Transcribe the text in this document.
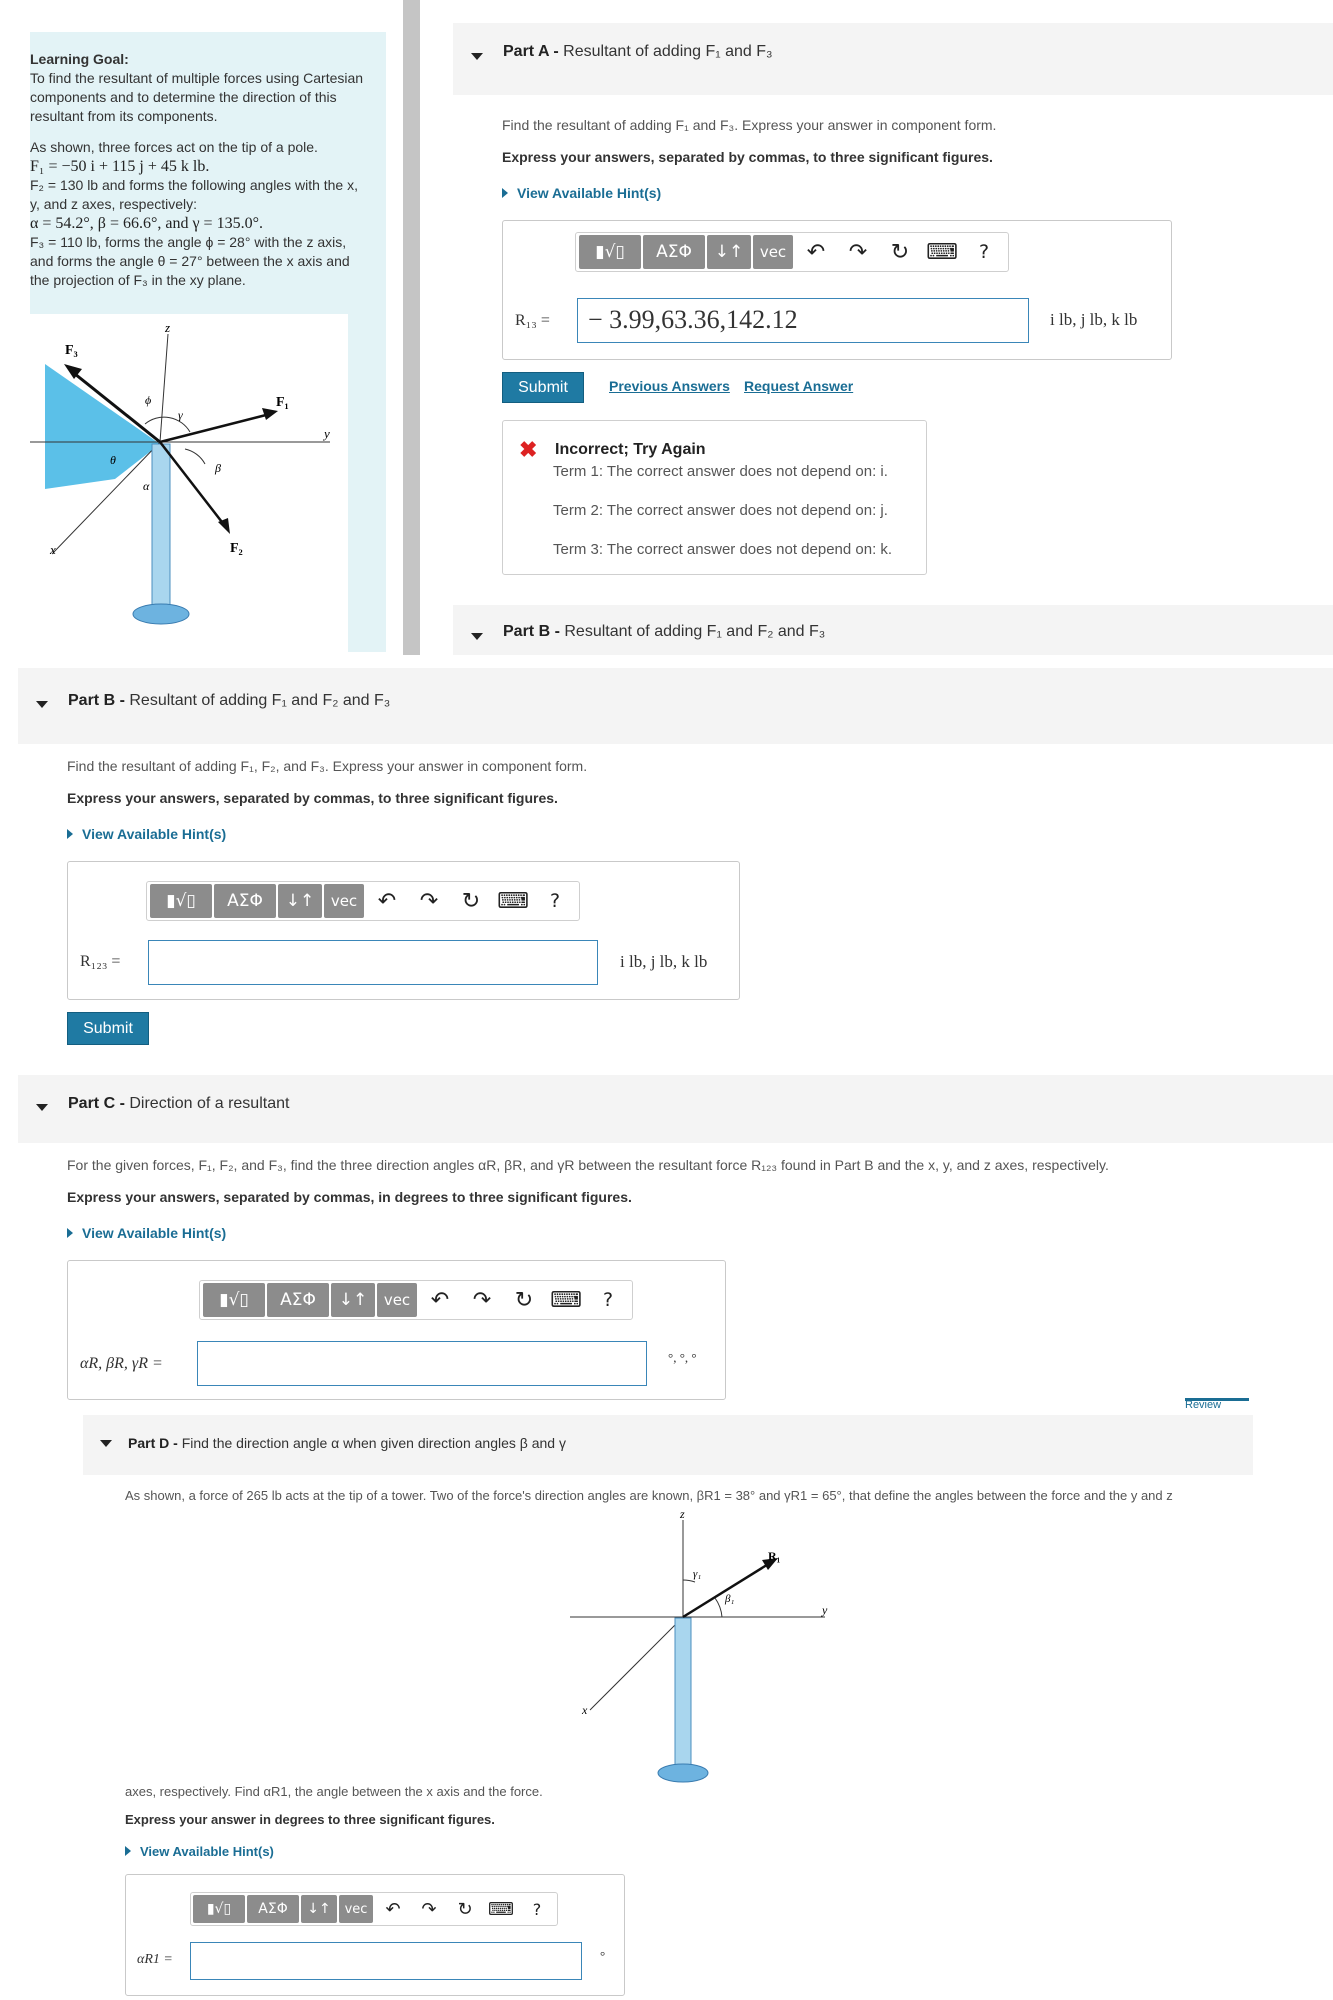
Learning Goal:
To find the resultant of multiple forces using Cartesian components and to determine the direction of this resultant from its components.
As shown, three forces act on the tip of a pole.
F₁ = −50 i + 115 j + 45 k lb.
F₂ = 130 lb and forms the following angles with the x, y, and z axes, respectively:
α = 54.2°, β = 66.6°, and γ = 135.0°.
F₃ = 110 lb, forms the angle ϕ = 28° with the z axis, and forms the angle θ = 27° between the x axis and the projection of F₃ in the xy plane.
F₃
F₁
F₂
z
y
x
ϕ
γ
θ
α
β
Part A - Resultant of adding F₁ and F₃
Find the resultant of adding F₁ and F₃. Express your answer in component form.
Express your answers, separated by commas, to three significant figures.
View Available Hint(s)
▮√▯	ΑΣΦ	↓↑	vec ↶	↷	↻ ⌨	?
R₁₃ =	− 3.99,63.36,142.12	i lb, j lb, k lb
Submit	Previous Answers Request Answer
✖ Incorrect; Try Again
Term 1: The correct answer does not depend on: i.
Term 2: The correct answer does not depend on: j.
Term 3: The correct answer does not depend on: k.
Part B - Resultant of adding F₁ and F₂ and F₃
Part B - Resultant of adding F₁ and F₂ and F₃
Find the resultant of adding F₁, F₂, and F₃. Express your answer in component form.
Express your answers, separated by commas, to three significant figures.
View Available Hint(s)
▮√▯	ΑΣΦ	↓↑	vec ↶	↷	↻ ⌨	?
R₁₂₃ =	i lb, j lb, k lb
Submit
Part C - Direction of a resultant
For the given forces, F₁, F₂, and F₃, find the three direction angles αR, βR, and γR between the resultant force R₁₂₃ found in Part B and the x, y, and z axes, respectively.
Express your answers, separated by commas, in degrees to three significant figures.
View Available Hint(s)
▮√▯	ΑΣΦ	↓↑	vec ↶	↷	↻ ⌨	?
αR, βR, γR =	°, °, °
Review
Part D - Find the direction angle α when given direction angles β and γ
As shown, a force of 265 lb acts at the tip of a tower. Two of the force's direction angles are known, βR1 = 38° and γR1 = 65°, that define the angles between the force and the y and z
z
y
x
R₁
γ₁
β₁
axes, respectively. Find αR1, the angle between the x axis and the force.
Express your answer in degrees to three significant figures.
View Available Hint(s)
▮√▯	ΑΣΦ	↓↑	vec	↶	↷	↻ ⌨	?
αR1 =	°
